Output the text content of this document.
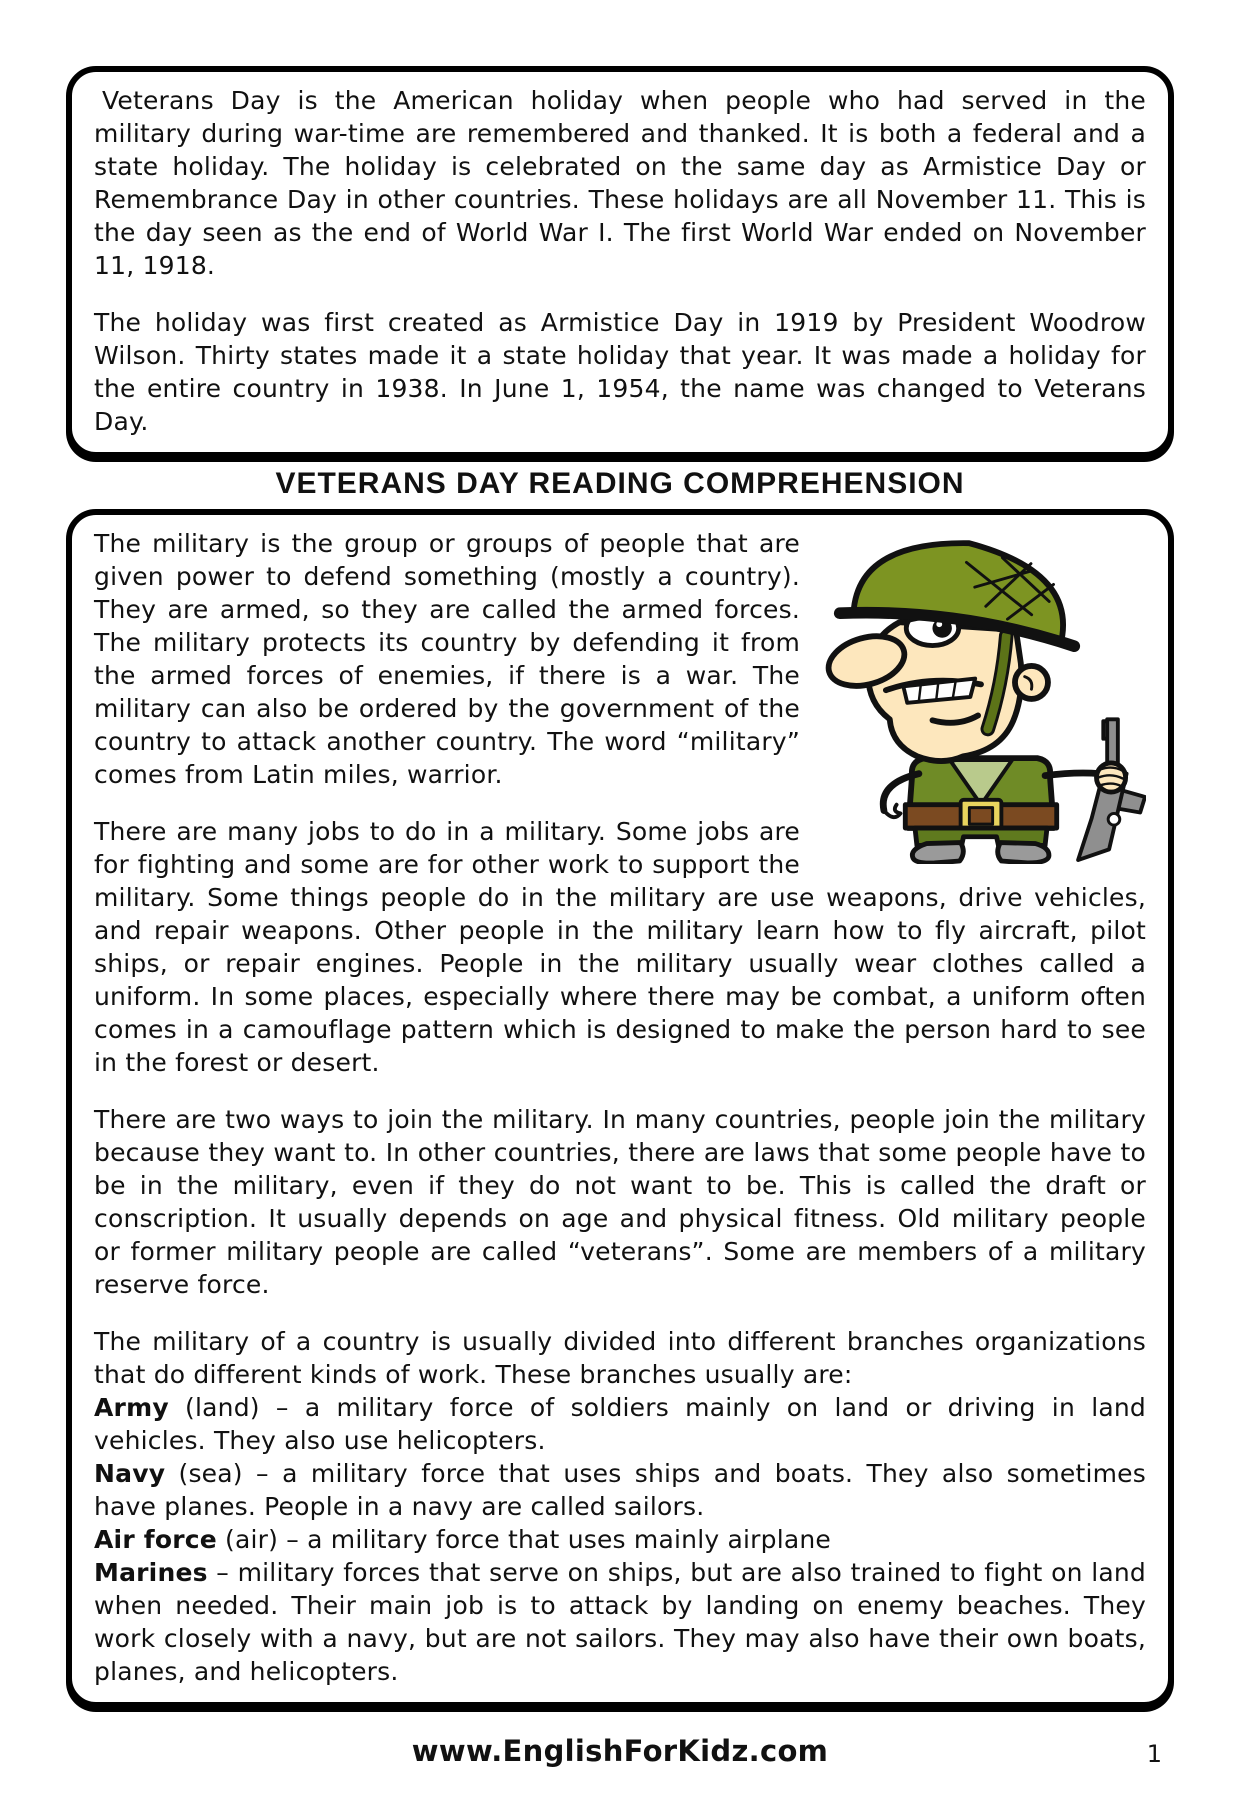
Veterans Day is the American holiday when people who had served in the military during war-time are remembered and thanked. It is both a federal and a state holiday. The holiday is celebrated on the same day as Armistice Day or Remembrance Day in other countries. These holidays are all November 11. This is the day seen as the end of World War I. The first World War ended on November 11, 1918.

The holiday was first created as Armistice Day in 1919 by President Woodrow Wilson. Thirty states made it a state holiday that year. It was made a holiday for the entire country in 1938. In June 1, 1954, the name was changed to Veterans Day.

VETERANS DAY READING COMPREHENSION

The military is the group or groups of people that are given power to defend something (mostly a country). They are armed, so they are called the armed forces. The military protects its country by defending it from the armed forces of enemies, if there is a war. The military can also be ordered by the government of the country to attack another country. The word “military” comes from Latin miles, warrior.

There are many jobs to do in a military. Some jobs are for fighting and some are for other work to support the military. Some things people do in the military are use weapons, drive vehicles, and repair weapons. Other people in the military learn how to fly aircraft, pilot ships, or repair engines. People in the military usually wear clothes called a uniform. In some places, especially where there may be combat, a uniform often comes in a camouflage pattern which is designed to make the person hard to see in the forest or desert.

There are two ways to join the military. In many countries, people join the military because they want to. In other countries, there are laws that some people have to be in the military, even if they do not want to be. This is called the draft or conscription. It usually depends on age and physical fitness. Old military people or former military people are called “veterans”. Some are members of a military reserve force.

The military of a country is usually divided into different branches organizations that do different kinds of work. These branches usually are:
Army (land) – a military force of soldiers mainly on land or driving in land vehicles. They also use helicopters.
Navy (sea) – a military force that uses ships and boats. They also sometimes have planes. People in a navy are called sailors.
Air force (air) – a military force that uses mainly airplane
Marines – military forces that serve on ships, but are also trained to fight on land when needed. Their main job is to attack by landing on enemy beaches. They work closely with a navy, but are not sailors. They may also have their own boats, planes, and helicopters.
1
www.EnglishForKidz.com
